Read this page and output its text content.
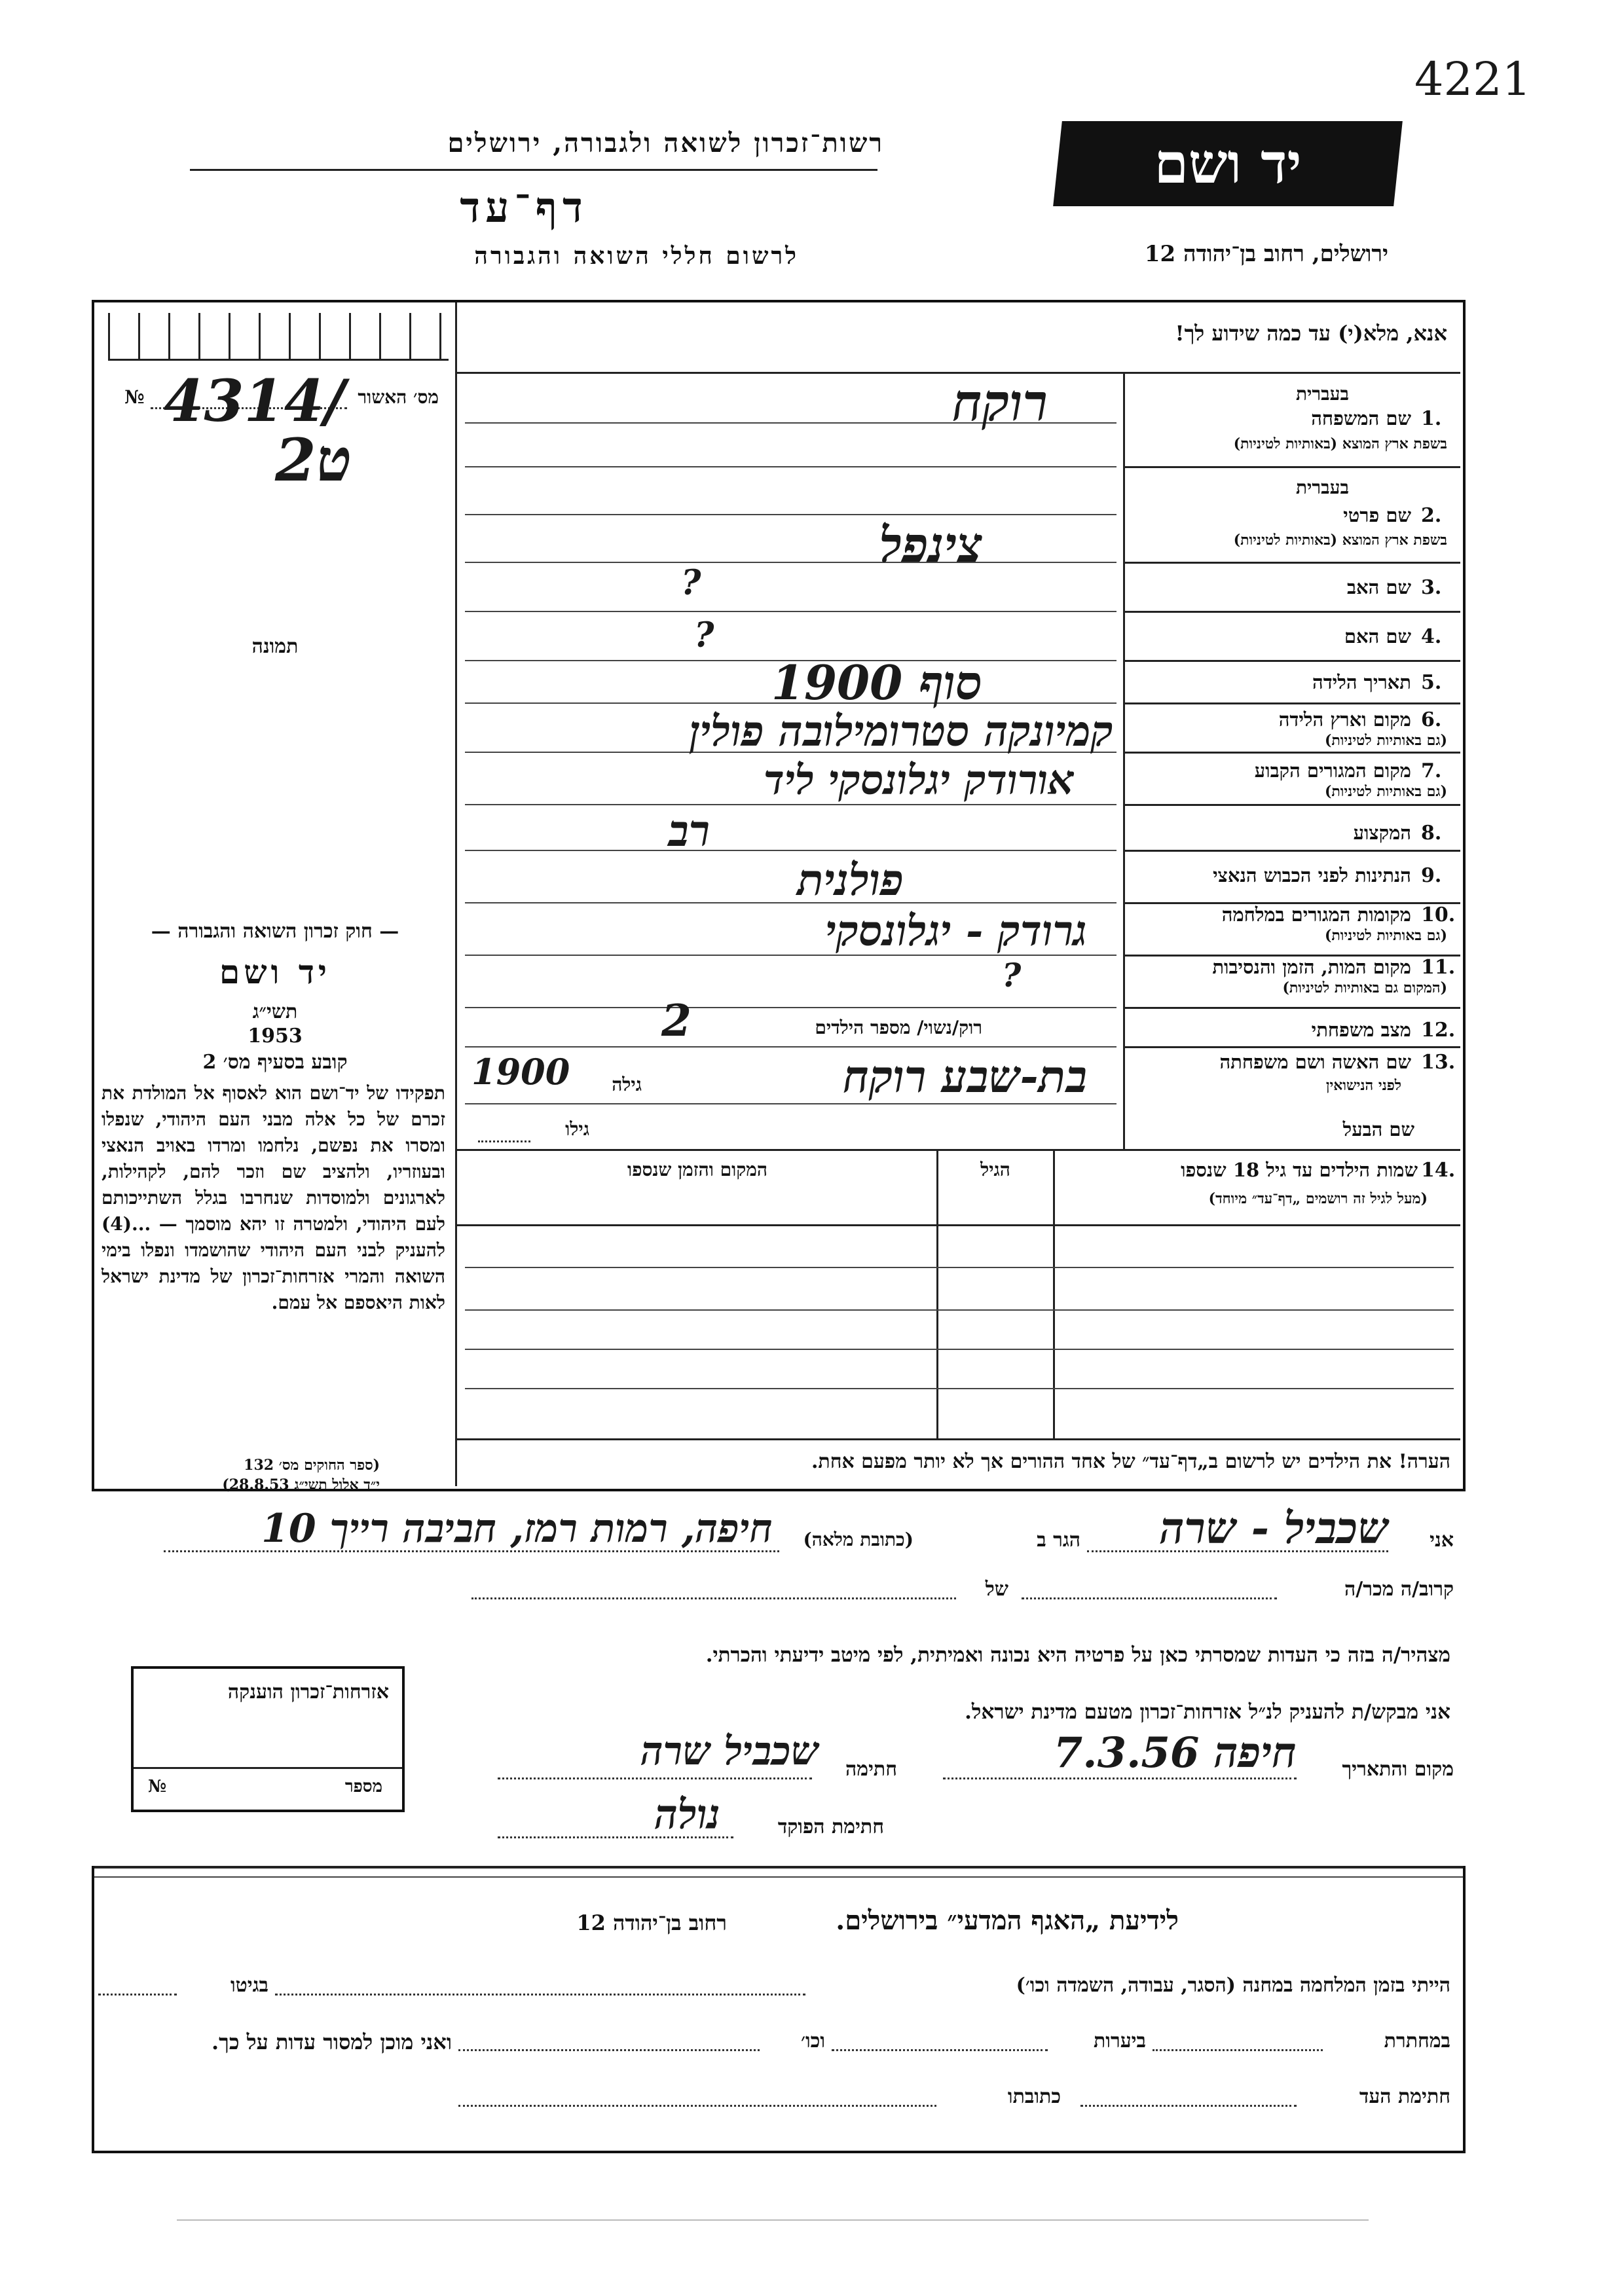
4221
יד ושם
רשות־זכרון לשואה ולגבורה, ירושלים
דף־עד
לרשום חללי השואה והגבורה	ירושלים, רחוב בן־יהודה 12
№	מס׳ האשור
4314/
2ט
תמונה
— חוק זכרון השואה והגבורה —
יד ושם
תשי״ג
1953
קובע בסעיף מס׳ 2
תפקידו של יד־ושם הוא לאסוף אל המולדת את זכרם של כל אלה מבני העם היהודי, שנפלו ומסרו את נפשם, נלחמו ומרדו באויב הנאצי ובעוזריו, ולהציב שם וזכר להם, לקהילות, לארגונים ולמוסדות שנחרבו בגלל השתייכותם לעם היהודי, ולמטרה זו יהא מוסמך — ...(4) להעניק לבני העם היהודי שהושמדו ונפלו בימי השואה והמרי אזרחות־זכרון של מדינת ישראל לאות היאספם אל עמם.
(ספר החוקים מס׳ 132
י״ד אלול תשי״ג 28.8.53)
אנא, מלא(י) עד כמה שידוע לך!
בעברית
1.
שם המשפחה
בשפת ארץ המוצא (באותיות לטיניות)
רוקח
בעברית
2.
שם פרטי
בשפת ארץ המוצא (באותיות לטיניות)
צינפל
3.
שם האב
?
4.
שם האם
?
5.
תאריך הלידה
סוף 1900
6.
מקום וארץ הלידה
(גם באותיות לטיניות)
קמיונקה סטרומילובה פולין
7.
מקום המגורים הקבוע
(גם באותיות לטיניות)
אורודק יגלונסקי ליד
8.
המקצוע
רב
9.
הנתינות לפני הכבוש הנאצי
פולנית
10.
מקומות המגורים במלחמה
(גם באותיות לטיניות)
גרודק - יגלונסקי
11.
מקום המות, הזמן והנסיבות
(המקום גם באותיות לטיניות)
?
12.
מצב משפחתי
רוק/נשוי/ מספר הילדים
2
13.
שם האשה ושם משפחתה
לפני הנישואין
בת-שבע רוקח
גילה
1900
שם הבעל
גילו
14.
שמות הילדים עד גיל 18 שנספו
(מעל לגיל זה רושמים „דף־עד״ מיוחד)
הגיל
המקום והזמן שנספו
הערה! את הילדים יש לרשום ב„דף־עד״ של אחד ההורים אך לא יותר מפעם אחת.
אני
שכביל - שרה
הגר ב
(כתובת מלאה)
חיפה, רמות רמז, חביבה רייך 10
קרוב/ה מכר/ה
של
מצהיר/ה בזה כי העדות שמסרתי כאן על פרטיה היא נכונה ואמיתית, לפי מיטב ידיעתי והכרתי.
אני מבקש/ת להעניק לנ״ל אזרחות־זכרון מטעם מדינת ישראל.
מקום והתאריך
חיפה 7.3.56
חתימה
שכביל שרה
חתימת הפוקד
נולה
אזרחות־זכרון הוענקה
מספר
№
לידיעת „האגף המדעי״ בירושלים.
רחוב בן־יהודה 12
הייתי בזמן המלחמה במחנה (הסגר, עבודה, השמדה וכו׳)
בגיטו
במחתרת
ביערות
וכו׳
ואני מוכן למסור עדות על כך.
חתימת העד
כתובתו
